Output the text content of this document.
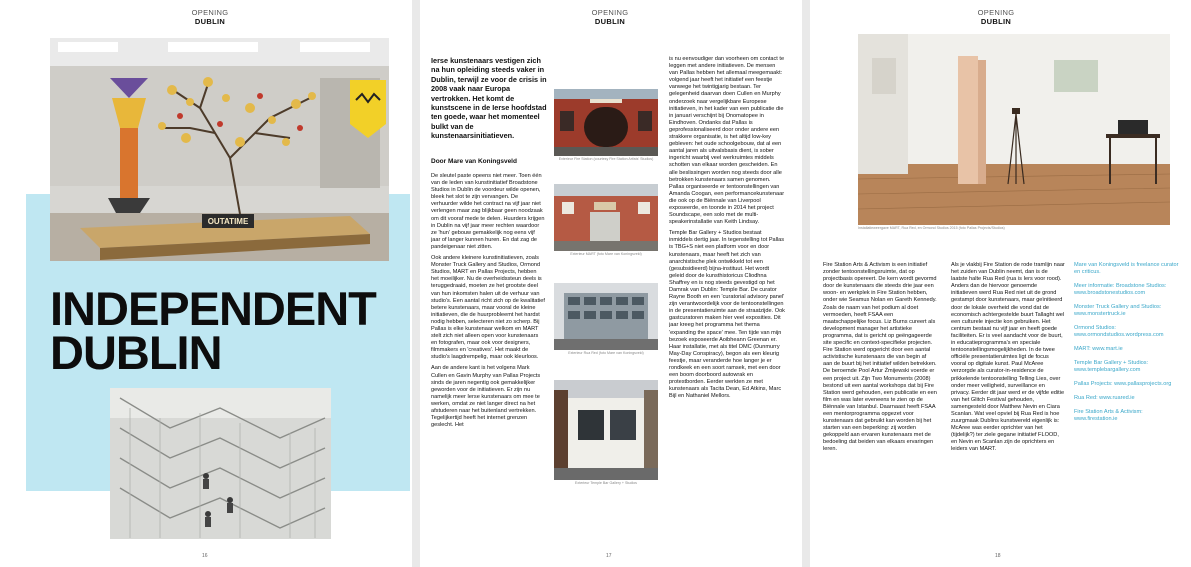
OPENING
DUBLIN
OUTATIME
INDEPENDENT
DUBLIN
16
OPENING
DUBLIN
Ierse kunstenaars vestigen zich na hun opleiding steeds vaker in Dublin, terwijl ze voor de crisis in 2008 vaak naar Europa vertrokken. Het komt de kunstscene in de Ierse hoofdstad ten goede, waar het momenteel bulkt van de kunstenaarsinitiatieven.
Door Mare van Koningsveld

De sleutel paste opeens niet meer. Toen één van de leden van kunstinitiatief Broadstone Studios in Dublin de voordeur wilde openen, bleek het slot te zijn vervangen. De verhuurder wilde het contract na vijf jaar niet verlengen maar zag blijkbaar geen noodzaak om dit vooraf mede te delen. Huurders krijgen in Dublin na vijf jaar meer rechten waardoor ze 'hun' gebouw gemakkelijk nog eens vijf jaar of langer kunnen huren. En dat zag de pandeigenaar niet zitten.

Ook andere kleinere kunstinitiatieven, zoals Monster Truck Gallery and Studios, Ormond Studios, MART en Pallas Projects, hebben het moeilijker. Nu de overheidssteun deels is teruggedraaid, moeten ze het grootste deel van hun inkomsten halen uit de verhuur van studio's. Een aantal richt zich op de kwalitatief betere kunstenaars, maar vooral de kleine initiatieven, die de huurprobleemt het hardst nodig hebben, selecteren niet zo scherp. Bij Pallas is elke kunstenaar welkom en MART stelt zich niet alleen open voor kunstenaars en fotografen, maar ook voor designers, filmmakers en 'creatives'. Het maakt de studio's laagdrempelig, maar ook kleurloos.

Aan de andere kant is het volgens Mark Cullen en Gavin Murphy van Pallas Projects sinds de jaren negentig ook gemakkelijker geworden voor de initiatieven. Er zijn nu namelijk meer Ierse kunstenaars om mee te werken, omdat ze niet langer direct na het afstuderen naar het buitenland vertrekken. Tegelijkertijd heeft het internet grenzen geslecht. Het

Exterieur Fire Station (courtesy Fire Station Artists' Studios)
Exterieur MART (foto Mare van Koningsveld)
Exterieur Rua Red (foto Mare van Koningsveld)
Exterieur Temple Bar Gallery + Studios

is nu eenvoudiger dan voorheen om contact te leggen met andere initiatieven. De mensen van Pallas hebben het allemaal meegemaakt: volgend jaar heeft het initiatief een feestje vanwege het twintigjarig bestaan. Ter gelegenheid daarvan doen Cullen en Murphy onderzoek naar vergelijkbare Europese initiatieven, in het kader van een publicatie die in januari verschijnt bij Onomatopee in Eindhoven. Ondanks dat Pallas is geprofessionaliseerd door onder andere een strakkere organisatie, is het altijd low-key gebleven: het oude schoolgebouw, dat al een aantal jaren als uitvalsbasis dient, is sober ingericht waarbij veel werkruimtes middels schotten van elkaar worden gescheiden. En alle beslissingen worden nog steeds door alle betrokken kunstenaars samen genomen. Pallas organiseerde er tentoonstellingen van Amanda Coogan, een performancekunstenaar die ook op de Biënnale van Liverpool exposeerde, en toonde in 2014 het project Soundscape, een solo met de multi-speakerinstallatie van Keith Lindsay.

Temple Bar Gallery + Studios bestaat inmiddels dertig jaar. In tegenstelling tot Pallas is TBG+S niet een platform voor en door kunstenaars, maar heeft het zich van anarchistische plek ontwikkeld tot een (gesubsidieerd) bijna-instituut. Het wordt geleid door de kunsthistoricus Cliodhna Shaffrey en is nog steeds gevestigd op het Damrak van Dublin: Temple Bar. De curator Rayne Booth en een 'curatorial advisory panel' zijn verantwoordelijk voor de tentoonstellingen in de presentatieruimte aan de straatzijde. Ook gastcuratoren maken hier veel exposities. Dit jaar kreeg het programma het thema 'expanding the space' mee. Ten tijde van mijn bezoek exposeerde Aoibheann Greenan er. Haar installatie, met als titel DMC (Dunmurry May-Day Conspiracy), begon als een kleurig feestje, maar veranderde hoe langer je er rondkeek en een soort ramsek, met een door een boom doorboord autowrak en protestborden. Eerder werkten ze met kunstenaars als Tacita Dean, Ed Atkins, Marc Bijl en Nathaniel Mellors.

17
OPENING
DUBLIN
Installatieweergave MART, Rua Red, en Ormond Studios 2015 (foto Pallas Projects/Studios)
Fire Station Arts & Activism is een initiatief zonder tentoonstellingsruimte, dat op projectbasis opereert. De kern wordt gevormd door de kunstenaars die steeds drie jaar een woon- en werkplek in Fire Station hebben, onder wie Seamus Nolan en Gareth Kennedy. Zoals de naam van het podium al doet vermoeden, heeft FSAA een maatschappelijke focus. Liz Burns cureert als development manager het artistieke programma, dat is gericht op geëngageerde site specific en context-specifieke projecten. Fire Station werd opgericht door een aantal activistische kunstenaars die van begin af aan de buurt bij het initiatief wilden betrekken. De beroemde Pool Artur Żmijewski voerde er een project uit. Zijn Two Monuments (2008) bestond uit een aantal workshops dat bij Fire Station werd gehouden, een publicatie en een film en was later eveneens te zien op de Biënnale van Istanbul. Daarnaast heeft FSAA een mentorprogramma opgezet voor kunstenaars dat gebruikt kan worden bij het starten van een beperking: zij worden gekoppeld aan ervaren kunstenaars met de bedoeling dat beiden van elkaars ervaringen leren.
Als je vlakbij Fire Station de rode tramlijn naar het zuiden van Dublin neemt, dan is de laatste halte Rua Red (rua is Iers voor rood). Anders dan de hiervoor genoemde initiatieven werd Rua Red niet uit de grond gestampt door kunstenaars, maar geïnitieerd door de lokale overheid die vond dat de economisch achtergestelde buurt Tallaght wel een culturele injectie kon gebruiken. Het centrum bestaat nu vijf jaar en heeft goede faciliteiten. Er is veel aandacht voor de buurt, in educatieprogramma's en speciale tentoonstellingsmogelijkheden. In de twee officiële presentatieruimtes ligt de focus vooral op digitale kunst. Paul McAree verzorgde als curator-in-residence de prikkelende tentoonstelling Telling Lies, over onder meer veiligheid, surveillance en privacy. Eerder dit jaar werd er de vijfde editie van het Glitch Festival gehouden, samengesteld door Matthew Nevin en Ciara Scanlan. Wat veel opviel bij Rua Red is hoe zuurgmaak Dublins kunstwereld eigenlijk is: McAree was eerder oprichter van het (tijdelijk?) ter ziele gegane initiatief FLOOD, en Nevin en Scanlan zijn de oprichters en leiders van MART.
Mare van Koningsveld is freelance curator en criticus.
Meer informatie: Broadstone Studios: www.broadstonestudios.com
Monster Truck Gallery and Studios: www.monstertruck.ie
Ormond Studios: www.ormondstudios.wordpress.com
MART: www.mart.ie
Temple Bar Gallery + Studios: www.templebargallery.com
Pallas Projects: www.pallasprojects.org
Rua Red: www.ruared.ie
Fire Station Arts & Activism: www.firestation.ie
18
